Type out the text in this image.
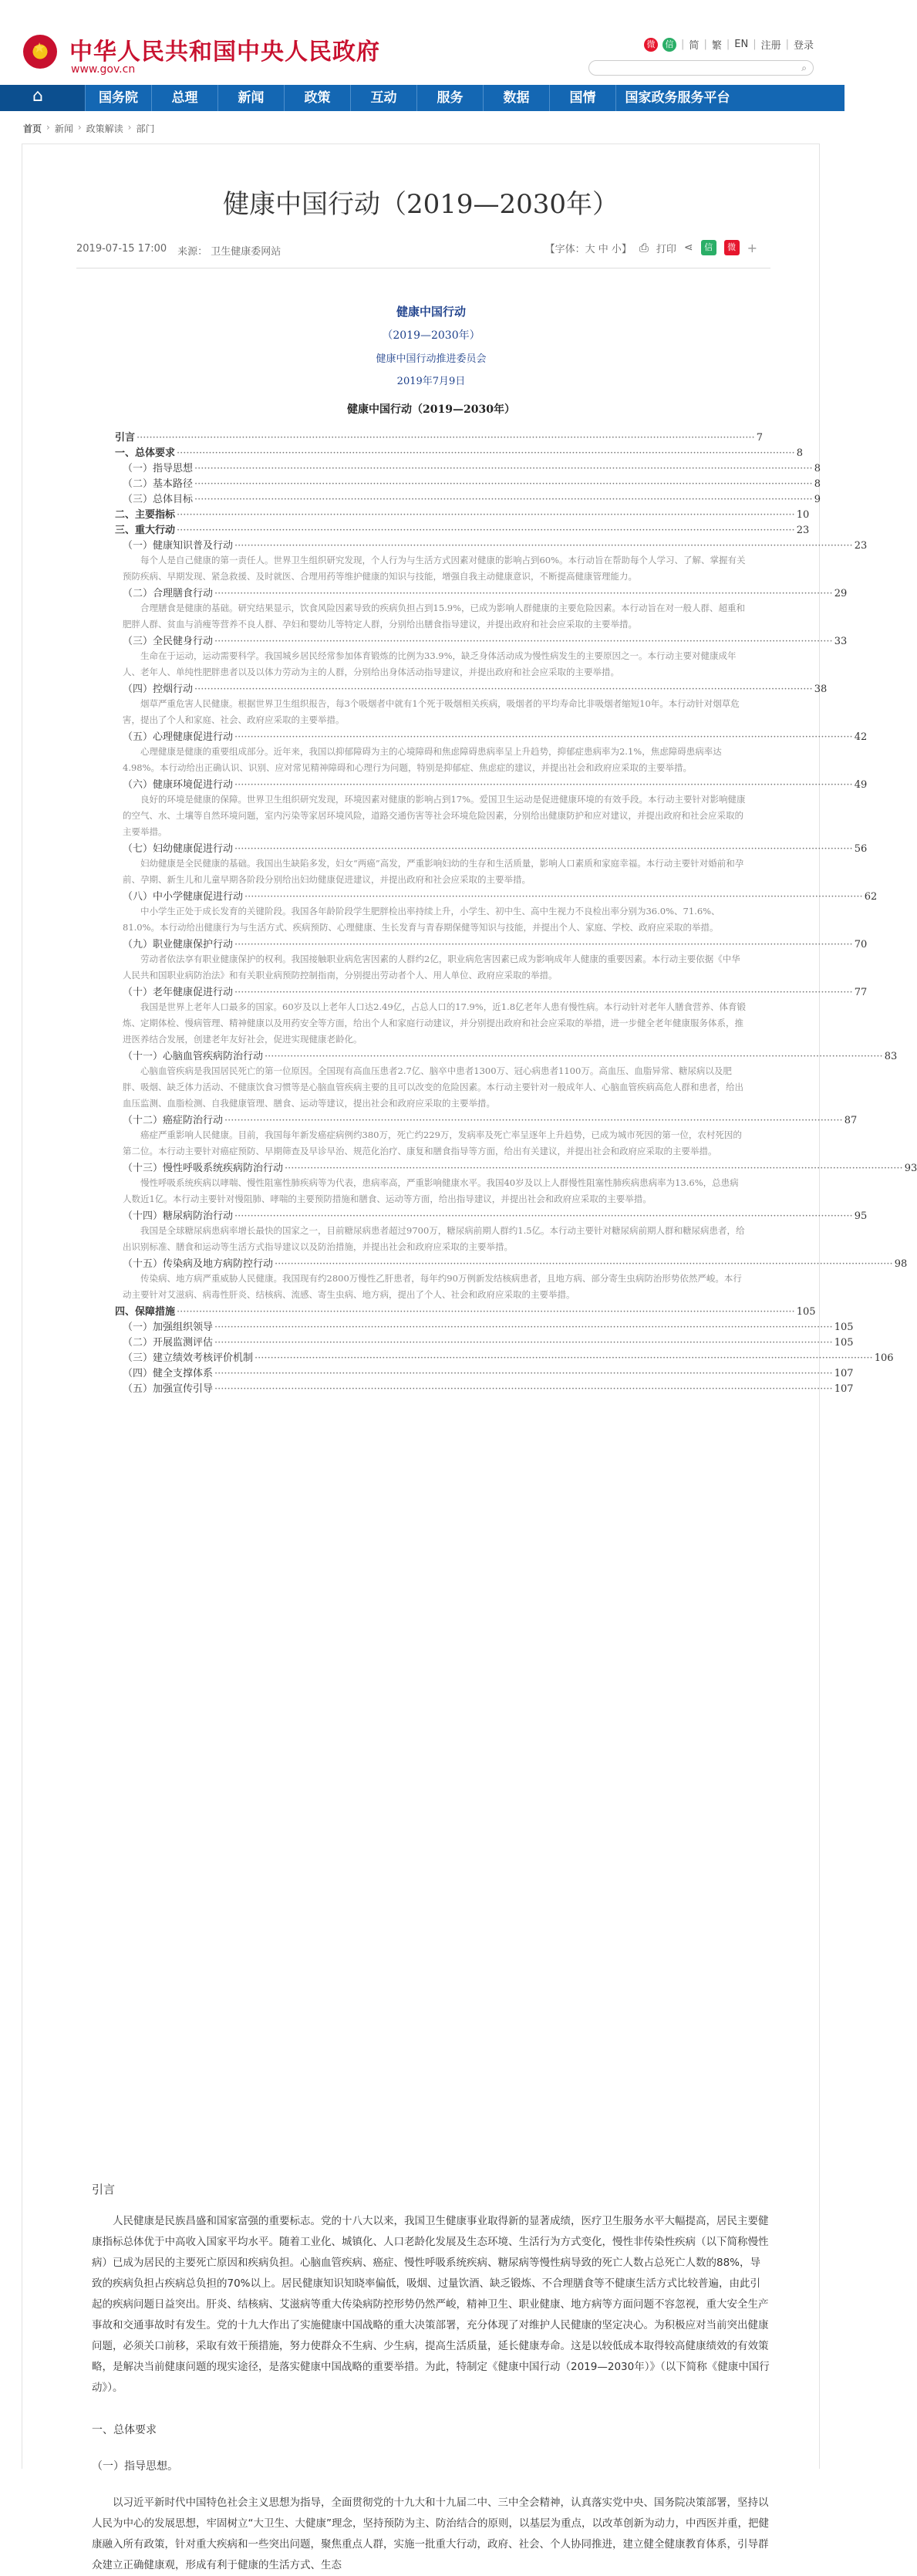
★
中华人民共和国中央人民政府
www.gov.cn
微	信 | 简 | 繁 | EN | 注册 | 登录
⌕
⌂
国务院	总理	新闻	政策	互动	服务	数据	国情	国家政务服务平台
首页 › 新闻 › 政策解读 › 部门
健康中国行动（2019—2030年）
2019-07-15 17:00 来源： 卫生健康委网站	【字体：大 中 小】 ⎙ 打印 ⋖	信	微 +
健康中国行动
（2019—2030年）
健康中国行动推进委员会
2019年7月9日
健康中国行动（2019—2030年）
引言 ·····	7
一、总体要求 ·····	8
（一）指导思想 ·····	8
（二）基本路径 ·····	8
（三）总体目标 ·····	9
二、主要指标 ·····	10
三、重大行动 ·····	23
（一）健康知识普及行动 ·····	23
每个人是自己健康的第一责任人。世界卫生组织研究发现，个人行为与生活方式因素对健康的影响占到60%。本行动旨在帮助每个人学习、了解、掌握有关预防疾病、早期发现、紧急救援、及时就医、合理用药等维护健康的知识与技能，增强自我主动健康意识，不断提高健康管理能力。
（二）合理膳食行动 ·····	29
合理膳食是健康的基础。研究结果显示，饮食风险因素导致的疾病负担占到15.9%，已成为影响人群健康的主要危险因素。本行动旨在对一般人群、超重和肥胖人群、贫血与消瘦等营养不良人群、孕妇和婴幼儿等特定人群，分别给出膳食指导建议，并提出政府和社会应采取的主要举措。
（三）全民健身行动 ·····	33
生命在于运动，运动需要科学。我国城乡居民经常参加体育锻炼的比例为33.9%，缺乏身体活动成为慢性病发生的主要原因之一。本行动主要对健康成年人、老年人、单纯性肥胖患者以及以体力劳动为主的人群，分别给出身体活动指导建议，并提出政府和社会应采取的主要举措。
（四）控烟行动 ·····	38
烟草严重危害人民健康。根据世界卫生组织报告，每3个吸烟者中就有1个死于吸烟相关疾病，吸烟者的平均寿命比非吸烟者缩短10年。本行动针对烟草危害，提出了个人和家庭、社会、政府应采取的主要举措。
（五）心理健康促进行动 ·····	42
心理健康是健康的重要组成部分。近年来，我国以抑郁障碍为主的心境障碍和焦虑障碍患病率呈上升趋势，抑郁症患病率为2.1%，焦虑障碍患病率达4.98%。本行动给出正确认识、识别、应对常见精神障碍和心理行为问题，特别是抑郁症、焦虑症的建议，并提出社会和政府应采取的主要举措。
（六）健康环境促进行动 ·····	49
良好的环境是健康的保障。世界卫生组织研究发现，环境因素对健康的影响占到17%。爱国卫生运动是促进健康环境的有效手段。本行动主要针对影响健康的空气、水、土壤等自然环境问题，室内污染等家居环境风险，道路交通伤害等社会环境危险因素，分别给出健康防护和应对建议，并提出政府和社会应采取的主要举措。
（七）妇幼健康促进行动 ·····	56
妇幼健康是全民健康的基础。我国出生缺陷多发，妇女“两癌”高发，严重影响妇幼的生存和生活质量，影响人口素质和家庭幸福。本行动主要针对婚前和孕前、孕期、新生儿和儿童早期各阶段分别给出妇幼健康促进建议，并提出政府和社会应采取的主要举措。
（八）中小学健康促进行动 ·····	62
中小学生正处于成长发育的关键阶段。我国各年龄阶段学生肥胖检出率持续上升，小学生、初中生、高中生视力不良检出率分别为36.0%、71.6%、81.0%。本行动给出健康行为与生活方式、疾病预防、心理健康、生长发育与青春期保健等知识与技能，并提出个人、家庭、学校、政府应采取的举措。
（九）职业健康保护行动 ·····	70
劳动者依法享有职业健康保护的权利。我国接触职业病危害因素的人群约2亿，职业病危害因素已成为影响成年人健康的重要因素。本行动主要依据《中华人民共和国职业病防治法》和有关职业病预防控制指南，分别提出劳动者个人、用人单位、政府应采取的举措。
（十）老年健康促进行动 ·····	77
我国是世界上老年人口最多的国家。60岁及以上老年人口达2.49亿，占总人口的17.9%，近1.8亿老年人患有慢性病。本行动针对老年人膳食营养、体育锻炼、定期体检、慢病管理、精神健康以及用药安全等方面，给出个人和家庭行动建议，并分别提出政府和社会应采取的举措，进一步健全老年健康服务体系，推进医养结合发展，创建老年友好社会，促进实现健康老龄化。
（十一）心脑血管疾病防治行动 ·····	83
心脑血管疾病是我国居民死亡的第一位原因。全国现有高血压患者2.7亿、脑卒中患者1300万、冠心病患者1100万。高血压、血脂异常、糖尿病以及肥胖、吸烟、缺乏体力活动、不健康饮食习惯等是心脑血管疾病主要的且可以改变的危险因素。本行动主要针对一般成年人、心脑血管疾病高危人群和患者，给出血压监测、血脂检测、自我健康管理、膳食、运动等建议，提出社会和政府应采取的主要举措。
（十二）癌症防治行动 ·····	87
癌症严重影响人民健康。目前，我国每年新发癌症病例约380万，死亡约229万，发病率及死亡率呈逐年上升趋势，已成为城市死因的第一位，农村死因的第二位。本行动主要针对癌症预防、早期筛查及早诊早治、规范化治疗、康复和膳食指导等方面，给出有关建议，并提出社会和政府应采取的主要举措。
（十三）慢性呼吸系统疾病防治行动 ·····	93
慢性呼吸系统疾病以哮喘、慢性阻塞性肺疾病等为代表，患病率高，严重影响健康水平。我国40岁及以上人群慢性阻塞性肺疾病患病率为13.6%，总患病人数近1亿。本行动主要针对慢阻肺、哮喘的主要预防措施和膳食、运动等方面，给出指导建议，并提出社会和政府应采取的主要举措。
（十四）糖尿病防治行动 ·····	95
我国是全球糖尿病患病率增长最快的国家之一，目前糖尿病患者超过9700万，糖尿病前期人群约1.5亿。本行动主要针对糖尿病前期人群和糖尿病患者，给出识别标准、膳食和运动等生活方式指导建议以及防治措施，并提出社会和政府应采取的主要举措。
（十五）传染病及地方病防控行动 ·····	98
传染病、地方病严重威胁人民健康。我国现有约2800万慢性乙肝患者，每年约90万例新发结核病患者，且地方病、部分寄生虫病防治形势依然严峻。本行动主要针对艾滋病、病毒性肝炎、结核病、流感、寄生虫病、地方病，提出了个人、社会和政府应采取的主要举措。
四、保障措施 ·····	105
（一）加强组织领导 ·····	105
（二）开展监测评估 ·····	105
（三）建立绩效考核评价机制 ·····	106
（四）健全支撑体系 ·····	107
（五）加强宣传引导 ·····	107
引言

人民健康是民族昌盛和国家富强的重要标志。党的十八大以来，我国卫生健康事业取得新的显著成绩，医疗卫生服务水平大幅提高，居民主要健康指标总体优于中高收入国家平均水平。随着工业化、城镇化、人口老龄化发展及生态环境、生活行为方式变化，慢性非传染性疾病（以下简称慢性病）已成为居民的主要死亡原因和疾病负担。心脑血管疾病、癌症、慢性呼吸系统疾病、糖尿病等慢性病导致的死亡人数占总死亡人数的88%，导致的疾病负担占疾病总负担的70%以上。居民健康知识知晓率偏低，吸烟、过量饮酒、缺乏锻炼、不合理膳食等不健康生活方式比较普遍，由此引起的疾病问题日益突出。肝炎、结核病、艾滋病等重大传染病防控形势仍然严峻，精神卫生、职业健康、地方病等方面问题不容忽视，重大安全生产事故和交通事故时有发生。党的十九大作出了实施健康中国战略的重大决策部署，充分体现了对维护人民健康的坚定决心。为积极应对当前突出健康问题，必须关口前移，采取有效干预措施，努力使群众不生病、少生病，提高生活质量，延长健康寿命。这是以较低成本取得较高健康绩效的有效策略，是解决当前健康问题的现实途径，是落实健康中国战略的重要举措。为此，特制定《健康中国行动（2019—2030年）》（以下简称《健康中国行动》）。

一、总体要求

（一）指导思想。

以习近平新时代中国特色社会主义思想为指导，全面贯彻党的十九大和十九届二中、三中全会精神，认真落实党中央、国务院决策部署，坚持以人民为中心的发展思想，牢固树立“大卫生、大健康”理念，坚持预防为主、防治结合的原则，以基层为重点，以改革创新为动力，中西医并重，把健康融入所有政策，针对重大疾病和一些突出问题，聚焦重点人群，实施一批重大行动，政府、社会、个人协同推进，建立健全健康教育体系，引导群众建立正确健康观，形成有利于健康的生活方式、生态
